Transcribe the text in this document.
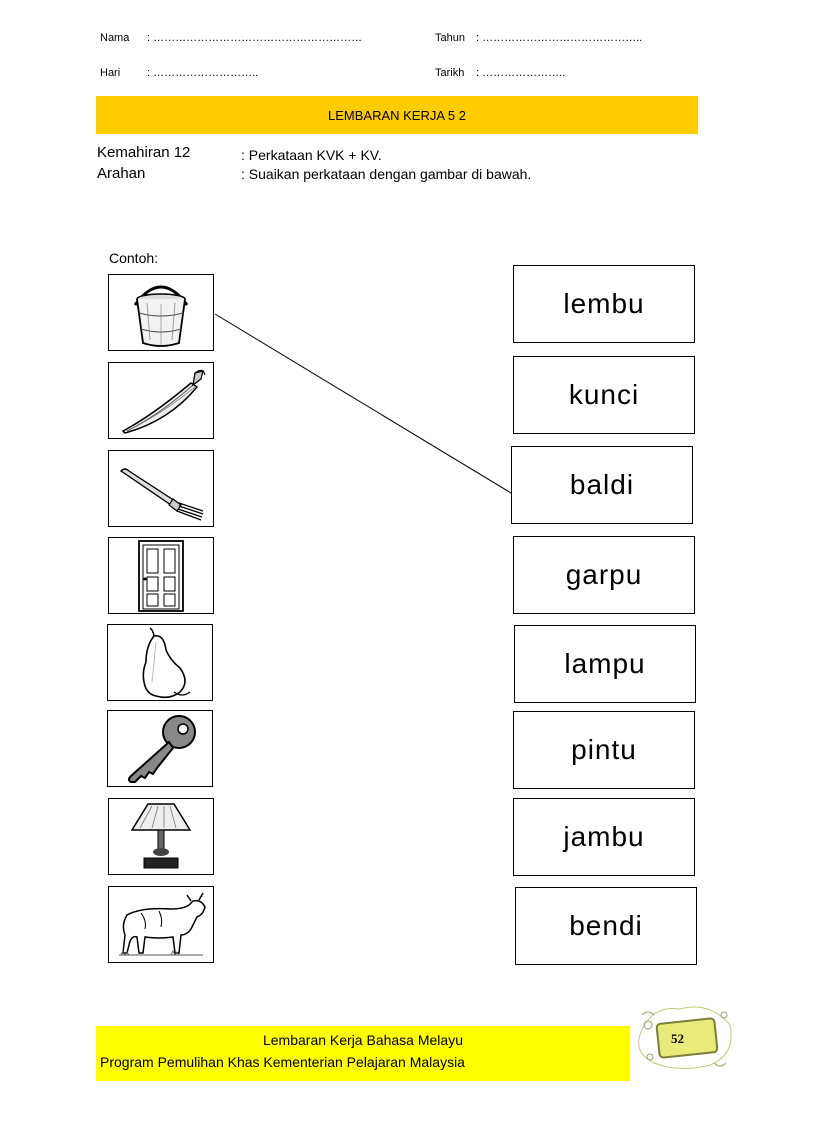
Nama : …………………………………………………	Tahun : ……………………………………..
Hari : ………………………..	Tarikh : …………………..
LEMBARAN KERJA 5 2
Kemahiran 12	: Perkataan KVK + KV.
Arahan	: Suaikan perkataan dengan gambar di bawah.
Contoh:
lembu
kunci
baldi
garpu
lampu
pintu
jambu
bendi
Lembaran Kerja Bahasa Melayu
Program Pemulihan Khas Kementerian Pelajaran Malaysia
52
